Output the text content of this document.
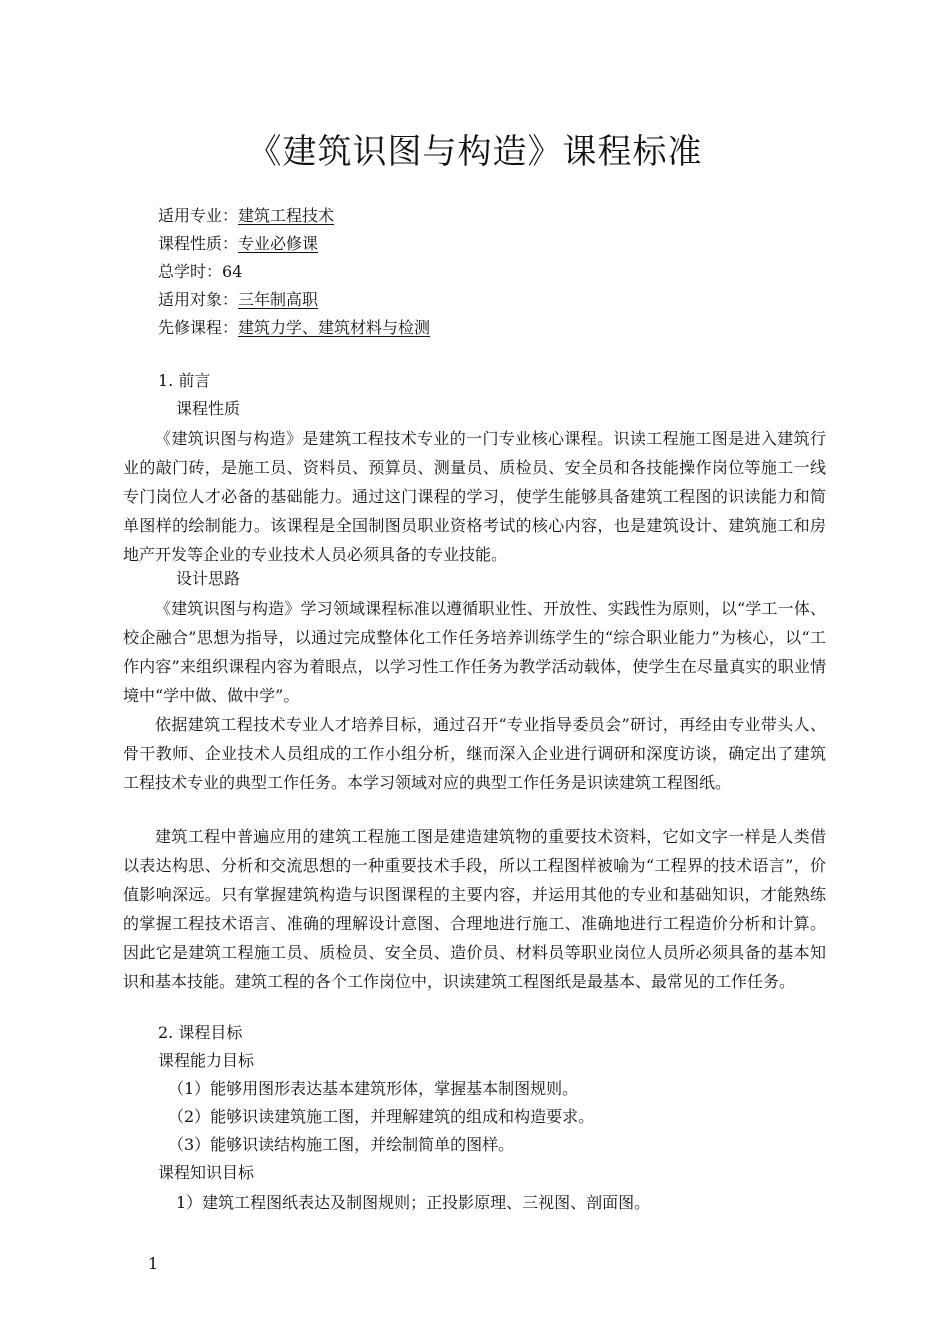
《建筑识图与构造》课程标准
适用专业：建筑工程技术
课程性质：专业必修课
总学时：64
适用对象：三年制高职
先修课程：建筑力学、建筑材料与检测
1. 前言
课程性质
《建筑识图与构造》是建筑工程技术专业的一门专业核心课程。识读工程施工图是进入建筑行业的敲门砖，是施工员、资料员、预算员、测量员、质检员、安全员和各技能操作岗位等施工一线专门岗位人才必备的基础能力。通过这门课程的学习，使学生能够具备建筑工程图的识读能力和简单图样的绘制能力。该课程是全国制图员职业资格考试的核心内容，也是建筑设计、建筑施工和房地产开发等企业的专业技术人员必须具备的专业技能。
设计思路
《建筑识图与构造》学习领域课程标准以遵循职业性、开放性、实践性为原则，以“学工一体、校企融合”思想为指导，以通过完成整体化工作任务培养训练学生的“综合职业能力”为核心，以“工作内容”来组织课程内容为着眼点，以学习性工作任务为教学活动载体，使学生在尽量真实的职业情境中“学中做、做中学”。
依据建筑工程技术专业人才培养目标，通过召开“专业指导委员会”研讨，再经由专业带头人、骨干教师、企业技术人员组成的工作小组分析，继而深入企业进行调研和深度访谈，确定出了建筑工程技术专业的典型工作任务。本学习领域对应的典型工作任务是识读建筑工程图纸。
建筑工程中普遍应用的建筑工程施工图是建造建筑物的重要技术资料，它如文字一样是人类借以表达构思、分析和交流思想的一种重要技术手段，所以工程图样被喻为“工程界的技术语言”，价值影响深远。只有掌握建筑构造与识图课程的主要内容，并运用其他的专业和基础知识，才能熟练的掌握工程技术语言、准确的理解设计意图、合理地进行施工、准确地进行工程造价分析和计算。因此它是建筑工程施工员、质检员、安全员、造价员、材料员等职业岗位人员所必须具备的基本知识和基本技能。建筑工程的各个工作岗位中，识读建筑工程图纸是最基本、最常见的工作任务。
2. 课程目标
课程能力目标
（1）能够用图形表达基本建筑形体，掌握基本制图规则。
（2）能够识读建筑施工图，并理解建筑的组成和构造要求。
（3）能够识读结构施工图，并绘制简单的图样。
课程知识目标
1）建筑工程图纸表达及制图规则；正投影原理、三视图、剖面图。
1
